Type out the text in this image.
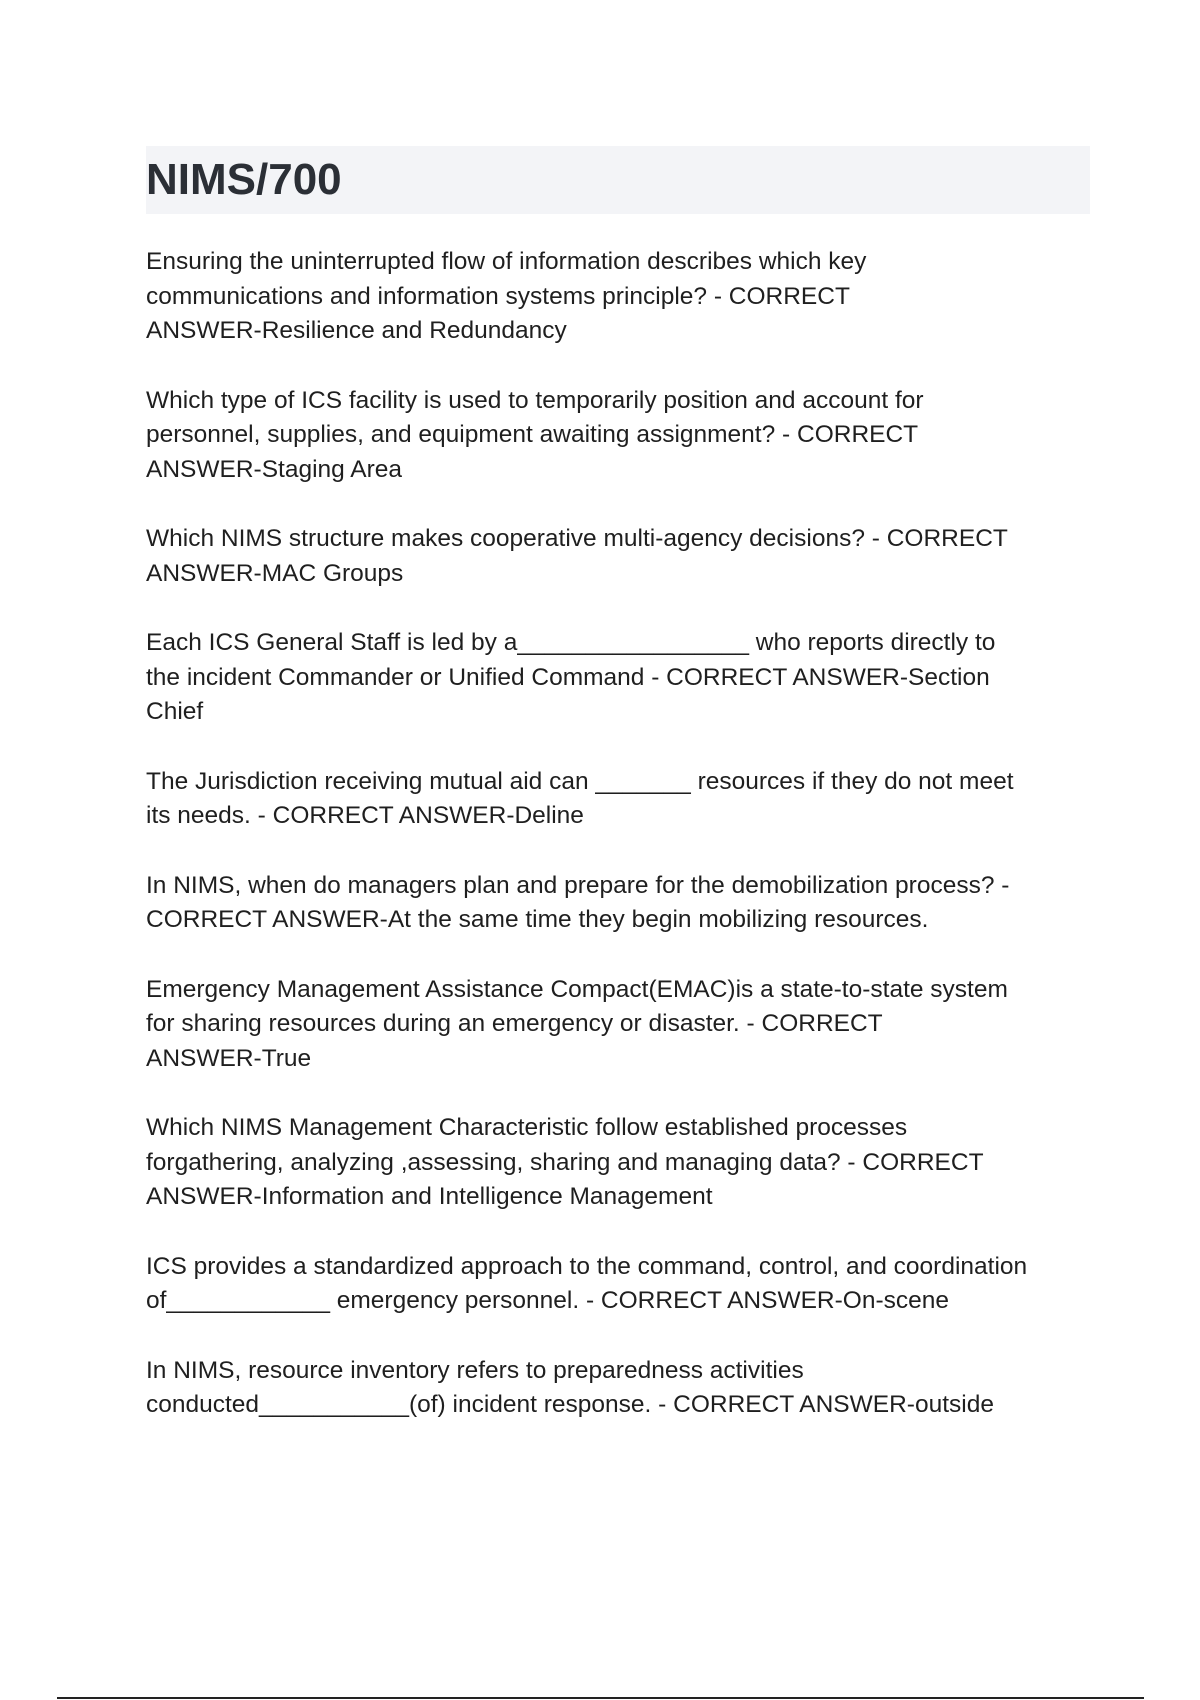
NIMS/700

Ensuring the uninterrupted flow of information describes which key
communications and information systems principle? - CORRECT
ANSWER-Resilience and Redundancy

Which type of ICS facility is used to temporarily position and account for
personnel, supplies, and equipment awaiting assignment? - CORRECT
ANSWER-Staging Area

Which NIMS structure makes cooperative multi-agency decisions? - CORRECT
ANSWER-MAC Groups

Each ICS General Staff is led by a_________________ who reports directly to
the incident Commander or Unified Command - CORRECT ANSWER-Section
Chief

The Jurisdiction receiving mutual aid can _______ resources if they do not meet
its needs. - CORRECT ANSWER-Deline

In NIMS, when do managers plan and prepare for the demobilization process? -
CORRECT ANSWER-At the same time they begin mobilizing resources.

Emergency Management Assistance Compact(EMAC)is a state-to-state system
for sharing resources during an emergency or disaster. - CORRECT
ANSWER-True

Which NIMS Management Characteristic follow established processes
forgathering, analyzing ,assessing, sharing and managing data? - CORRECT
ANSWER-Information and Intelligence Management

ICS provides a standardized approach to the command, control, and coordination
of____________ emergency personnel. - CORRECT ANSWER-On-scene

In NIMS, resource inventory refers to preparedness activities
conducted___________(of) incident response. - CORRECT ANSWER-outside
